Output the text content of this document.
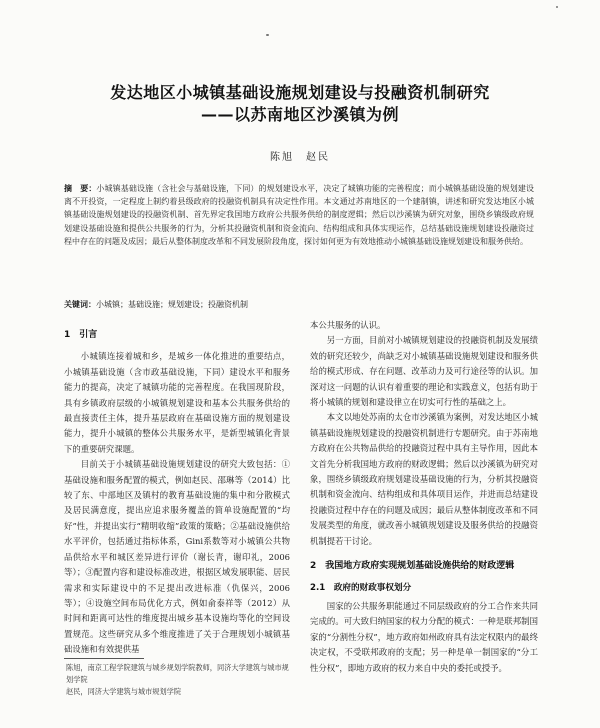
发达地区小城镇基础设施规划建设与投融资机制研究
——以苏南地区沙溪镇为例
陈旭　赵民
摘　要：小城镇基础设施（含社会与基础设施，下同）的规划建设水平，决定了城镇功能的完善程度；而小城镇基础设施的规划建设离不开投资，一定程度上制约着县级政府的投融资机制具有决定性作用。本文通过苏南地区的一个建制镇，讲述和研究发达地区小城镇基础设施规划建设的投融资机制、首先界定我国地方政府公共服务供给的制度逻辑；然后以沙溪镇为研究对象，围绕乡镇级政府规划建设基础设施和提供公共服务的行为，分析其投融资机制和资金流向、结构组成和具体实现运作，总结基础设施规划建设投融资过程中存在的问题及成因；最后从整体制度改革和不同发展阶段角度，探讨如何更为有效地推动小城镇基础设施规划建设和服务供给。
关键词：小城镇；基础设施；规划建设；投融资机制
1　引言
小城镇连接着城和乡，是城乡一体化推进的重要结点，小城镇基础设施（含市政基础设施，下同）建设水平和服务能力的提高，决定了城镇功能的完善程度。在我国现阶段，具有乡镇政府层级的小城镇规划建设和基本公共服务供给的最直接责任主体，提升基层政府在基础设施方面的规划建设能力，提升小城镇的整体公共服务水平，是新型城镇化背景下的重要研究课题。
目前关于小城镇基础设施规划建设的研究大致包括：①基础设施和服务配置的模式，例如赵民、邵琳等（2014）比较了东、中部地区及镇村的教育基础设施的集中和分散模式及居民满意度，提出应追求服务覆盖的简单设施配置的“均好”性，并提出实行“精明收缩”政策的策略；②基础设施供给水平评价，包括通过指标体系，Gini系数等对小城镇公共物品供给水平和城区差异进行评价（谢长青，谢印礼，2006等）；③配置内容和建设标准改进，根据区域发展职能、居民需求和实际建设中的不足提出改进标准（仇保兴，2006等）；④设施空间布局优化方式，例如俞泰祥等（2012）从时间和距离可达性的维度提出城乡基本设施均等化的空间设置规范。这些研究从多个维度推进了关于合理规划小城镇基础设施和有效提供基
本公共服务的认识。
另一方面，目前对小城镇规划建设的投融资机制及发展绩效的研究还较少，尚缺乏对小城镇基础设施规划建设和服务供给的模式形成、存在问题、改革动力及可行途径等的认识。加深对这一问题的认识有着重要的理论和实践意义，包括有助于将小城镇的规划和建设律立在切实可行性的基础之上。
本文以地处苏南的太仓市沙溪镇为案例，对发达地区小城镇基础设施规划建设的投融资机制进行专题研究。由于苏南地方政府在公共物品供给的投融资过程中具有主导作用，因此本文首先分析我国地方政府的财政逻辑；然后以沙溪镇为研究对象，围绕乡镇级政府规划建设基础设施的行为，分析其投融资机制和资金流向、结构组成和具体项目运作，并进而总结建设投融资过程中存在的问题及成因；最后从整体制度改革和不同发展类型的角度，就改善小城镇规划建设及服务供给的投融资机制提若干讨论。
2　我国地方政府实现规划基础设施供给的财政逻辑
2.1　政府的财政事权划分
国家的公共服务职能通过不同层级政府的分工合作来共同完成的。可大致归纳国家的权力分配的模式：一种是联邦制国家的“分割性分权”，地方政府如州政府具有法定权限内的最终决定权，不受联邦政府的支配；另一种是单一制国家的“分工性分权”，即地方政府的权力来自中央的委托或授予。
陈旭，南京工程学院建筑与城乡规划学院教师，同济大学建筑与城市规划学院
赵民，同济大学建筑与城市规划学院
